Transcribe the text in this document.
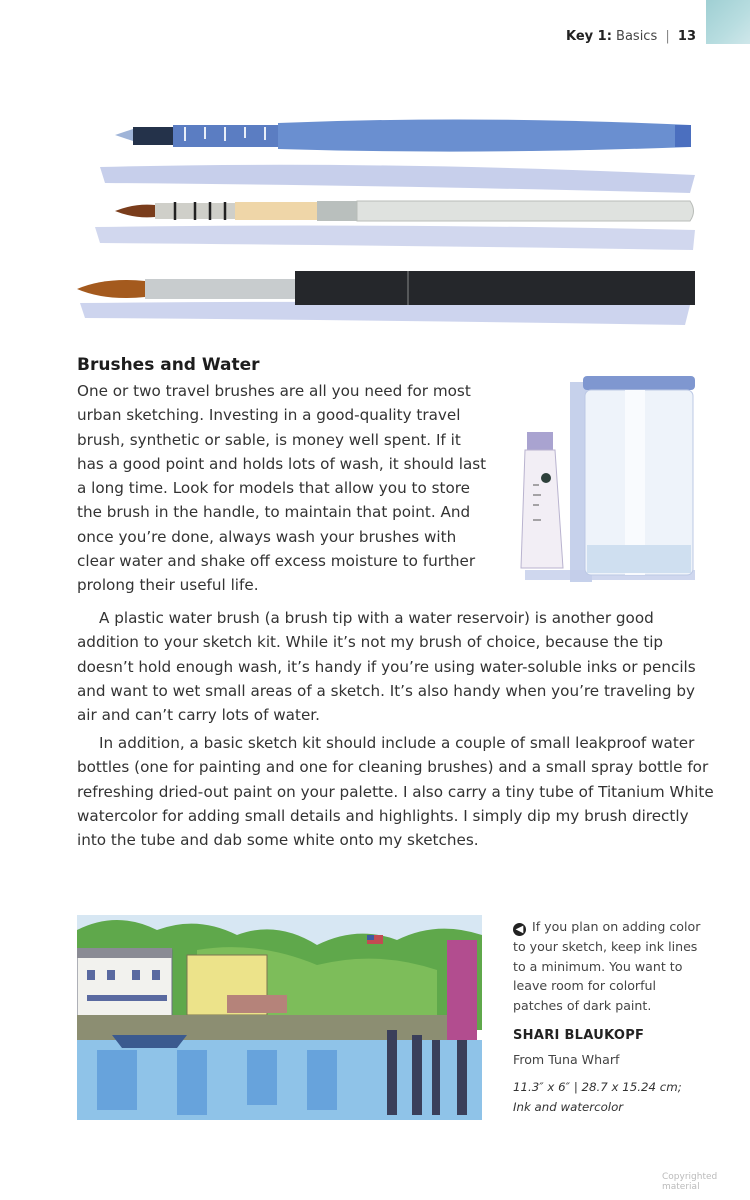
Key 1: Basics | 13
Brushes and Water

One or two travel brushes are all you need for most urban sketching. Investing in a good-quality travel brush, synthetic or sable, is money well spent. If it has a good point and holds lots of wash, it should last a long time. Look for models that allow you to store the brush in the handle, to maintain that point. And once you’re done, always wash your brushes with clear water and shake off excess moisture to further prolong their useful life.

A plastic water brush (a brush tip with a water reservoir) is another good addition to your sketch kit. While it’s not my brush of choice, because the tip doesn’t hold enough wash, it’s handy if you’re using water-soluble inks or pencils and want to wet small areas of a sketch. It’s also handy when you’re traveling by air and can’t carry lots of water.

In addition, a basic sketch kit should include a couple of small leakproof water bottles (one for painting and one for cleaning brushes) and a small spray bottle for refreshing dried-out paint on your palette. I also carry a tiny tube of Titanium White watercolor for adding small details and highlights. I simply dip my brush directly into the tube and dab some white onto my sketches.

◀ If you plan on adding color to your sketch, keep ink lines to a minimum. You want to leave room for colorful patches of dark paint.
SHARI BLAUKOPF
From Tuna Wharf
11.3″ x 6″ | 28.7 x 15.24 cm;
Ink and watercolor
Copyrighted material
